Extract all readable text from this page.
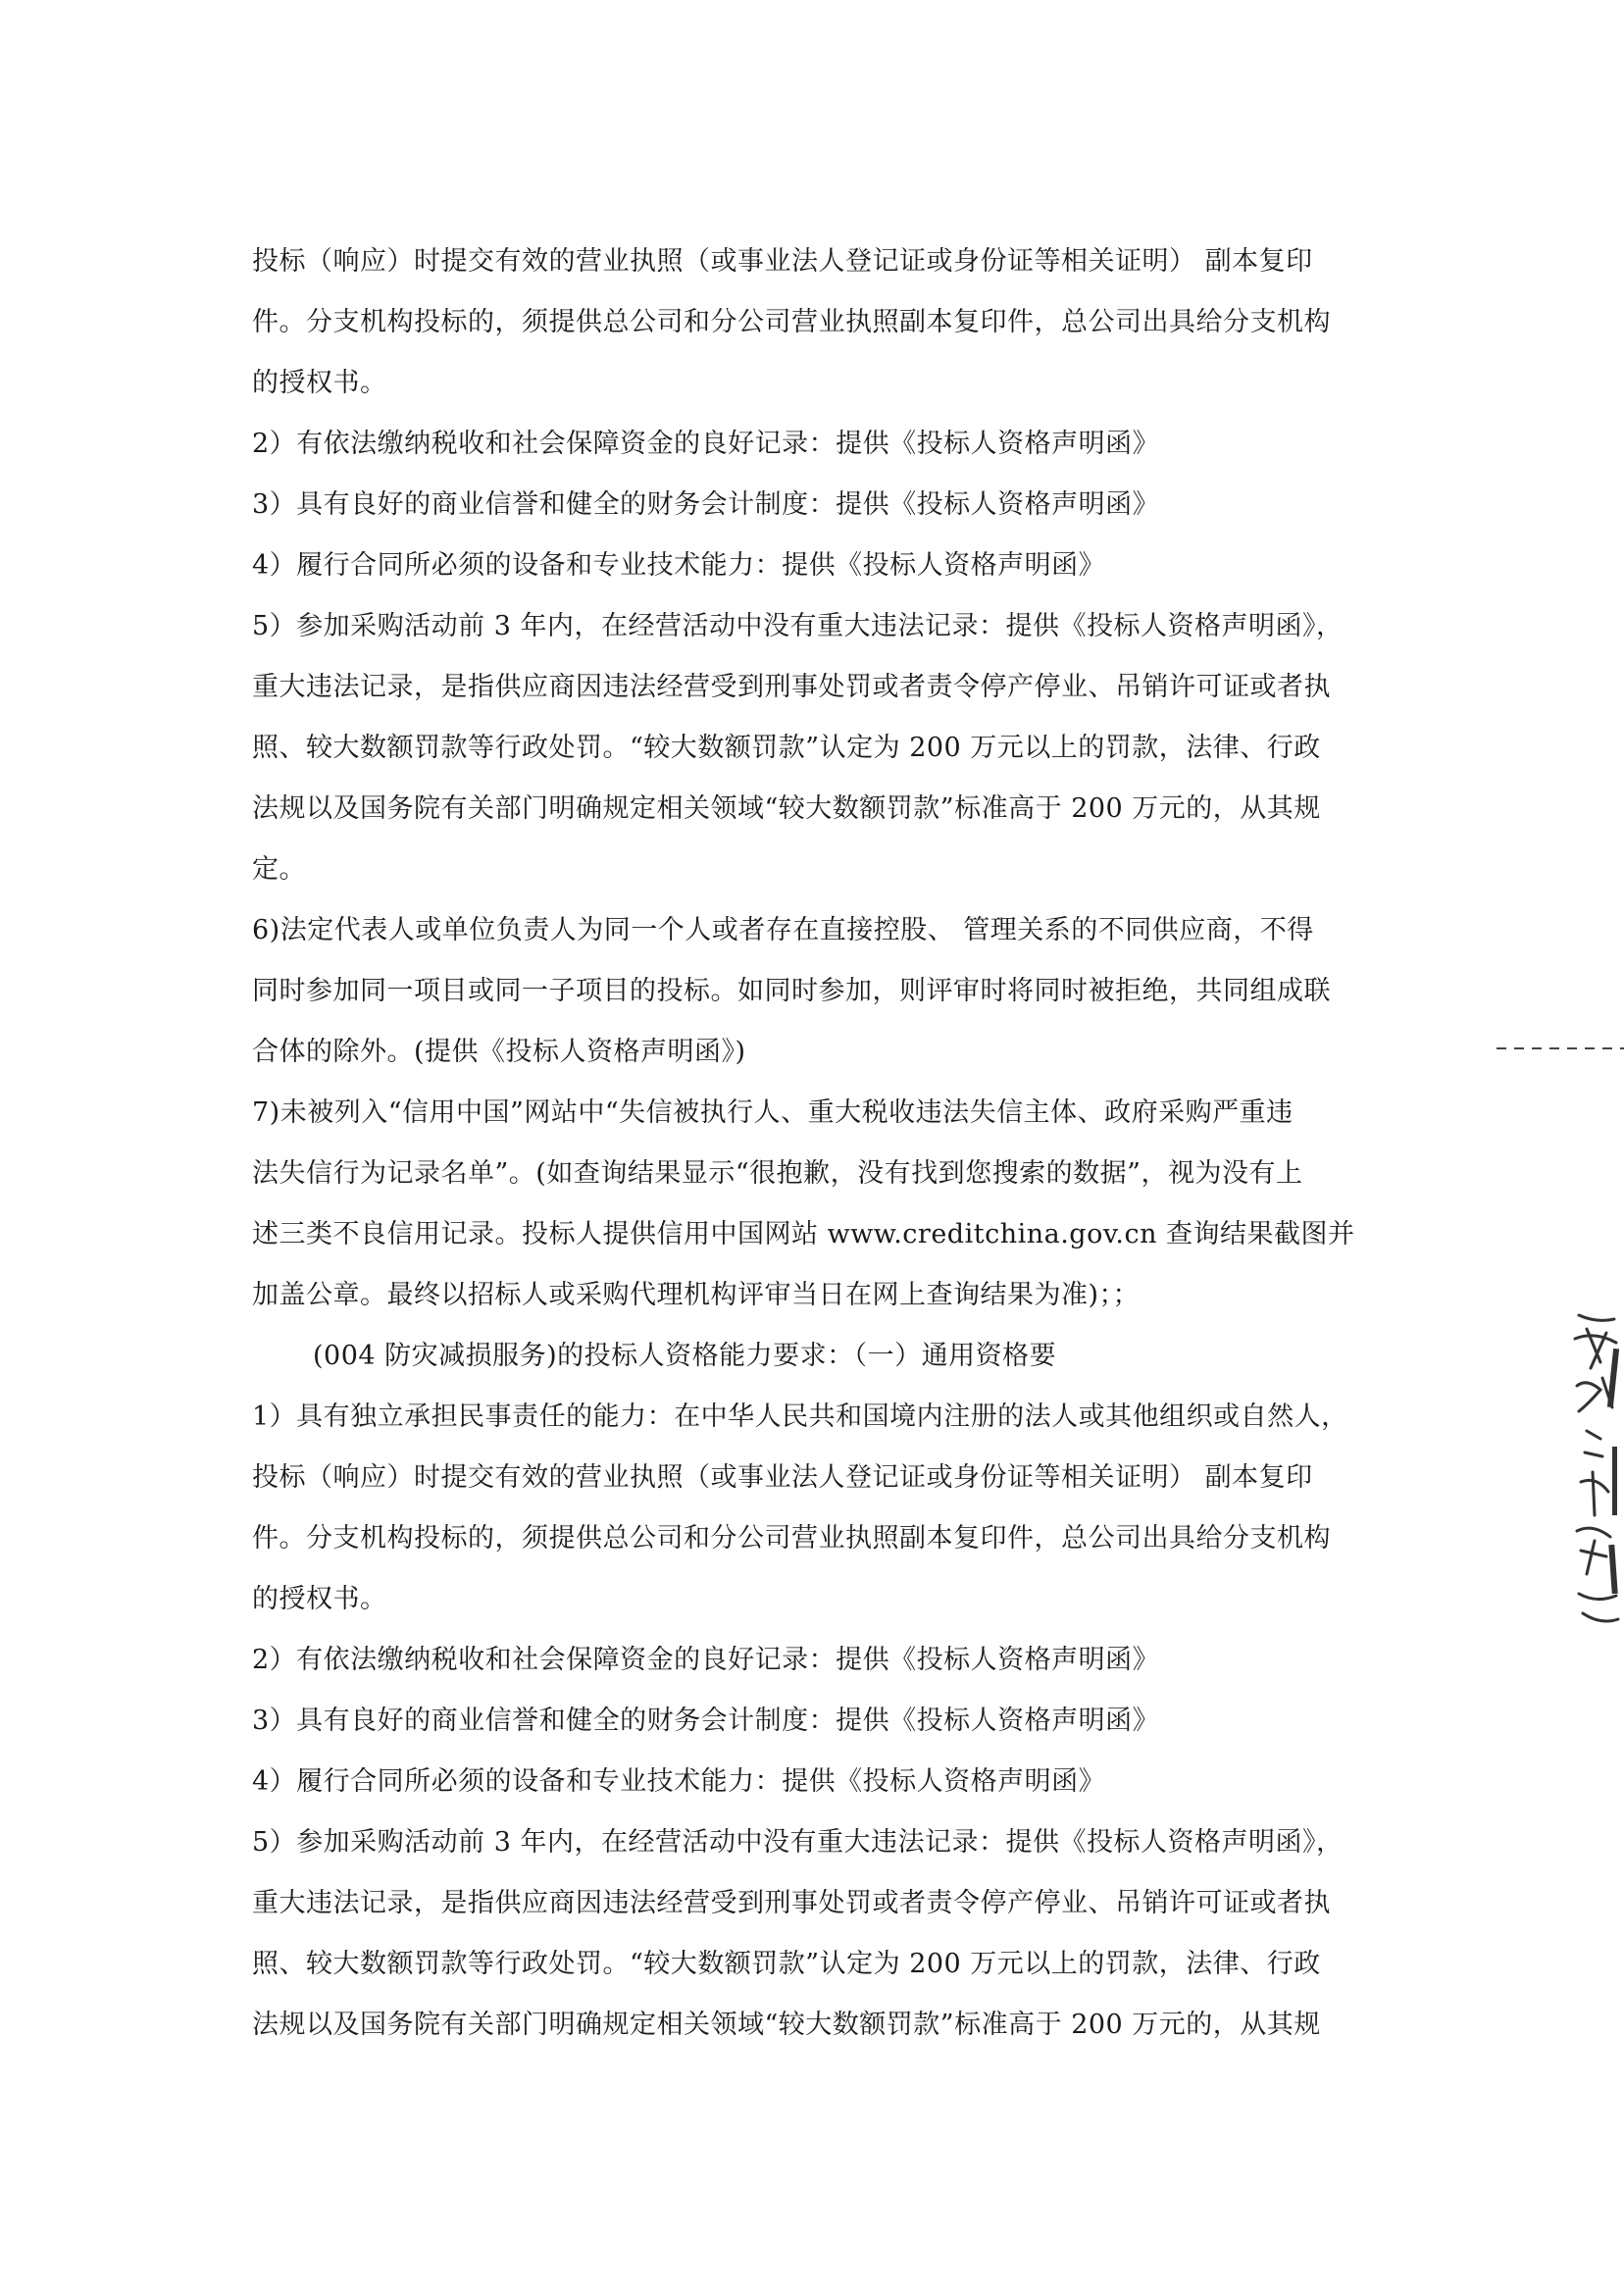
投标（响应）时提交有效的营业执照（或事业法人登记证或身份证等相关证明） 副本复印
件。分支机构投标的，须提供总公司和分公司营业执照副本复印件，总公司出具给分支机构
的授权书。
2）有依法缴纳税收和社会保障资金的良好记录：提供《投标人资格声明函》
3）具有良好的商业信誉和健全的财务会计制度：提供《投标人资格声明函》
4）履行合同所必须的设备和专业技术能力：提供《投标人资格声明函》
5）参加采购活动前 3 年内，在经营活动中没有重大违法记录：提供《投标人资格声明函》，
重大违法记录，是指供应商因违法经营受到刑事处罚或者责令停产停业、吊销许可证或者执
照、较大数额罚款等行政处罚。“较大数额罚款”认定为 200 万元以上的罚款，法律、行政
法规以及国务院有关部门明确规定相关领域“较大数额罚款”标准高于 200 万元的，从其规
定。
6)法定代表人或单位负责人为同一个人或者存在直接控股、 管理关系的不同供应商，不得
同时参加同一项目或同一子项目的投标。如同时参加，则评审时将同时被拒绝，共同组成联
合体的除外。(提供《投标人资格声明函》)
7)未被列入“信用中国”网站中“失信被执行人、重大税收违法失信主体、政府采购严重违
法失信行为记录名单”。(如查询结果显示“很抱歉，没有找到您搜索的数据”，视为没有上
述三类不良信用记录。投标人提供信用中国网站 www.creditchina.gov.cn 查询结果截图并
加盖公章。最终以招标人或采购代理机构评审当日在网上查询结果为准)；；
(004 防灾减损服务)的投标人资格能力要求：（一）通用资格要
1）具有独立承担民事责任的能力：在中华人民共和国境内注册的法人或其他组织或自然人，
投标（响应）时提交有效的营业执照（或事业法人登记证或身份证等相关证明） 副本复印
件。分支机构投标的，须提供总公司和分公司营业执照副本复印件，总公司出具给分支机构
的授权书。
2）有依法缴纳税收和社会保障资金的良好记录：提供《投标人资格声明函》
3）具有良好的商业信誉和健全的财务会计制度：提供《投标人资格声明函》
4）履行合同所必须的设备和专业技术能力：提供《投标人资格声明函》
5）参加采购活动前 3 年内，在经营活动中没有重大违法记录：提供《投标人资格声明函》，
重大违法记录，是指供应商因违法经营受到刑事处罚或者责令停产停业、吊销许可证或者执
照、较大数额罚款等行政处罚。“较大数额罚款”认定为 200 万元以上的罚款，法律、行政
法规以及国务院有关部门明确规定相关领域“较大数额罚款”标准高于 200 万元的，从其规
